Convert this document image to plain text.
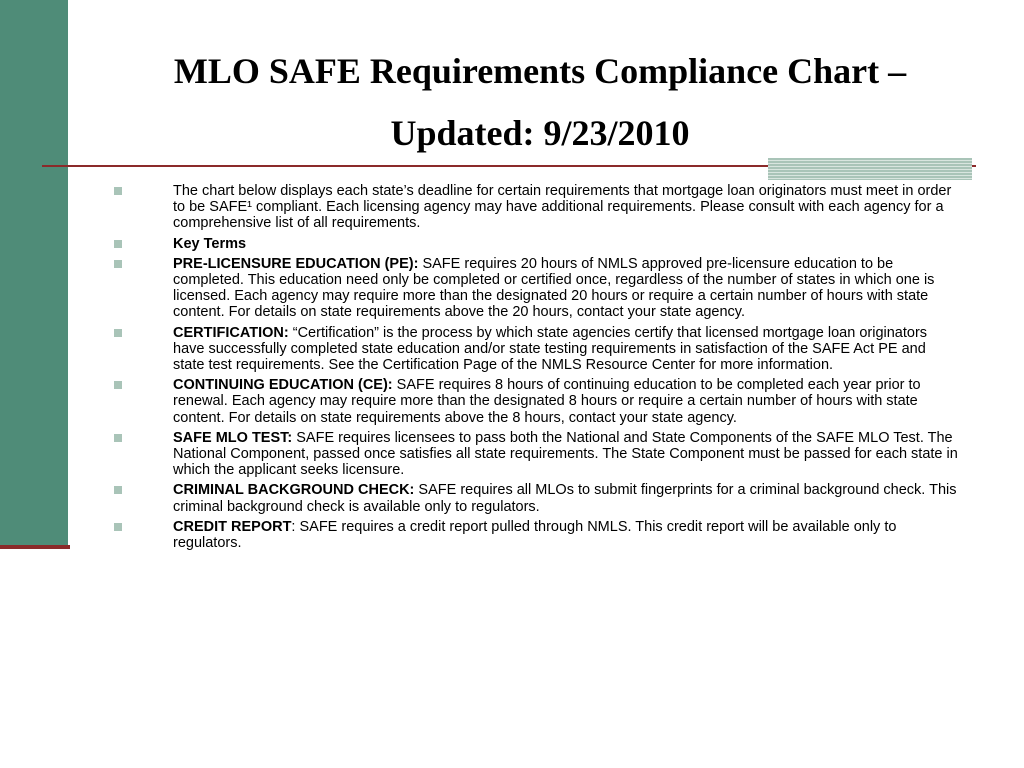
MLO SAFE Requirements Compliance Chart –
Updated: 9/23/2010
The chart below displays each state’s deadline for certain requirements that mortgage loan originators must meet in order to be SAFE¹ compliant. Each licensing agency may have additional requirements. Please consult with each agency for a comprehensive list of all requirements.
Key Terms
PRE-LICENSURE EDUCATION (PE): SAFE requires 20 hours of NMLS approved pre-licensure education to be completed. This education need only be completed or certified once, regardless of the number of states in which one is licensed. Each agency may require more than the designated 20 hours or require a certain number of hours with state content. For details on state requirements above the 20 hours, contact your state agency.
CERTIFICATION: “Certification” is the process by which state agencies certify that licensed mortgage loan originators have successfully completed state education and/or state testing requirements in satisfaction of the SAFE Act PE and state test requirements. See the Certification Page of the NMLS Resource Center for more information.
CONTINUING EDUCATION (CE): SAFE requires 8 hours of continuing education to be completed each year prior to renewal. Each agency may require more than the designated 8 hours or require a certain number of hours with state content. For details on state requirements above the 8 hours, contact your state agency.
SAFE MLO TEST: SAFE requires licensees to pass both the National and State Components of the SAFE MLO Test. The National Component, passed once satisfies all state requirements. The State Component must be passed for each state in which the applicant seeks licensure.
CRIMINAL BACKGROUND CHECK: SAFE requires all MLOs to submit fingerprints for a criminal background check. This criminal background check is available only to regulators.
CREDIT REPORT: SAFE requires a credit report pulled through NMLS. This credit report will be available only to regulators.
